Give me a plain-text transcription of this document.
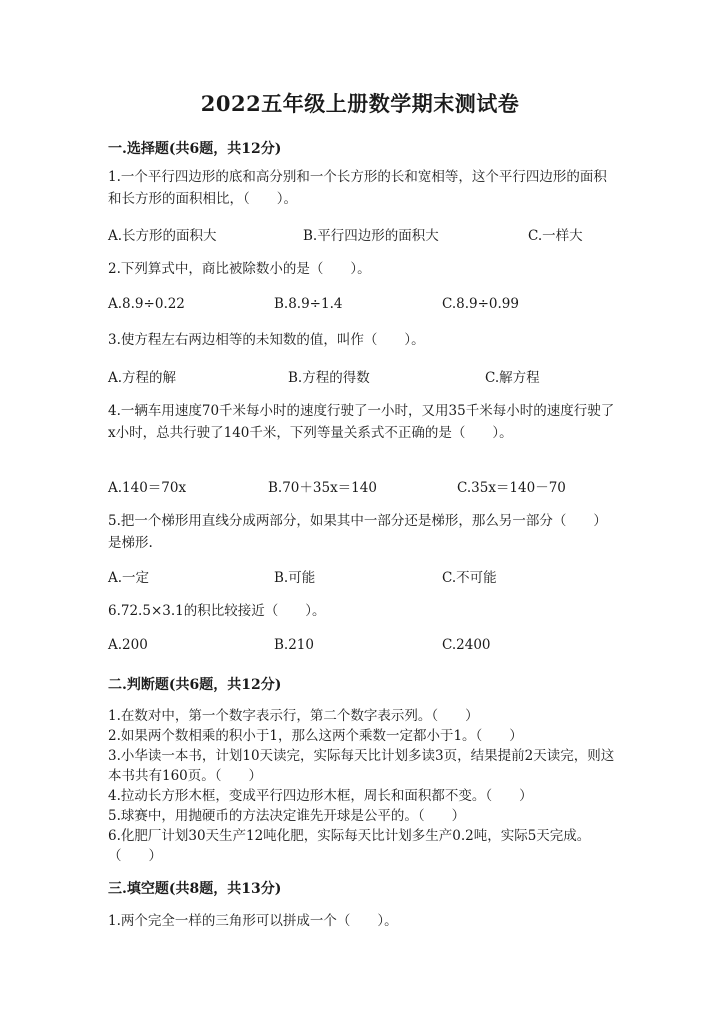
2022五年级上册数学期末测试卷
一.选择题(共6题，共12分)
1.一个平行四边形的底和高分别和一个长方形的长和宽相等，这个平行四边形的面积和长方形的面积相比，（　　）。
A.长方形的面积大	B.平行四边形的面积大	C.一样大
2.下列算式中，商比被除数小的是（　　）。
A.8.9÷0.22	B.8.9÷1.4	C.8.9÷0.99
3.使方程左右两边相等的未知数的值，叫作（　　）。
A.方程的解	B.方程的得数	C.解方程
4.一辆车用速度70千米每小时的速度行驶了一小时，又用35千米每小时的速度行驶了x小时，总共行驶了140千米，下列等量关系式不正确的是（　　）。
A.140＝70x	B.70＋35x＝140	C.35x＝140－70
5.把一个梯形用直线分成两部分，如果其中一部分还是梯形，那么另一部分（　　）是梯形.
A.一定	B.可能	C.不可能
6.72.5×3.1的积比较接近（　　）。
A.200	B.210	C.2400
二.判断题(共6题，共12分)
1.在数对中，第一个数字表示行，第二个数字表示列。（　　）
2.如果两个数相乘的积小于1，那么这两个乘数一定都小于1。（　　）
3.小华读一本书，计划10天读完，实际每天比计划多读3页，结果提前2天读完，则这本书共有160页。（　　）
4.拉动长方形木框，变成平行四边形木框，周长和面积都不变。（　　）
5.球赛中，用抛硬币的方法决定谁先开球是公平的。（　　）
6.化肥厂计划30天生产12吨化肥，实际每天比计划多生产0.2吨，实际5天完成。（　　）
三.填空题(共8题，共13分)
1.两个完全一样的三角形可以拼成一个（　　）。
